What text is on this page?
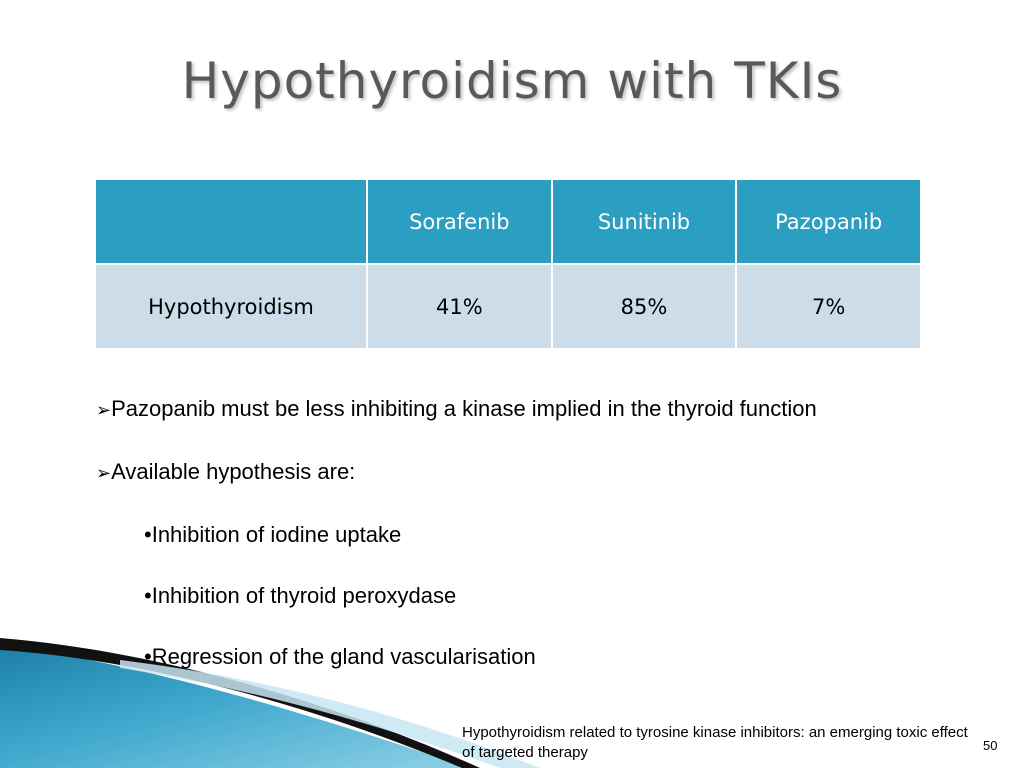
Hypothyroidism with TKIs
	Sorafenib	Sunitinib	Pazopanib
Hypothyroidism	41%	85%	7%
➢Pazopanib must be less inhibiting a kinase implied in the thyroid function
➢Available hypothesis are:
•Inhibition of iodine uptake
•Inhibition of thyroid peroxydase
•Regression of the gland vascularisation
Hypothyroidism related to tyrosine kinase inhibitors: an emerging toxic effect of targeted therapy	50
